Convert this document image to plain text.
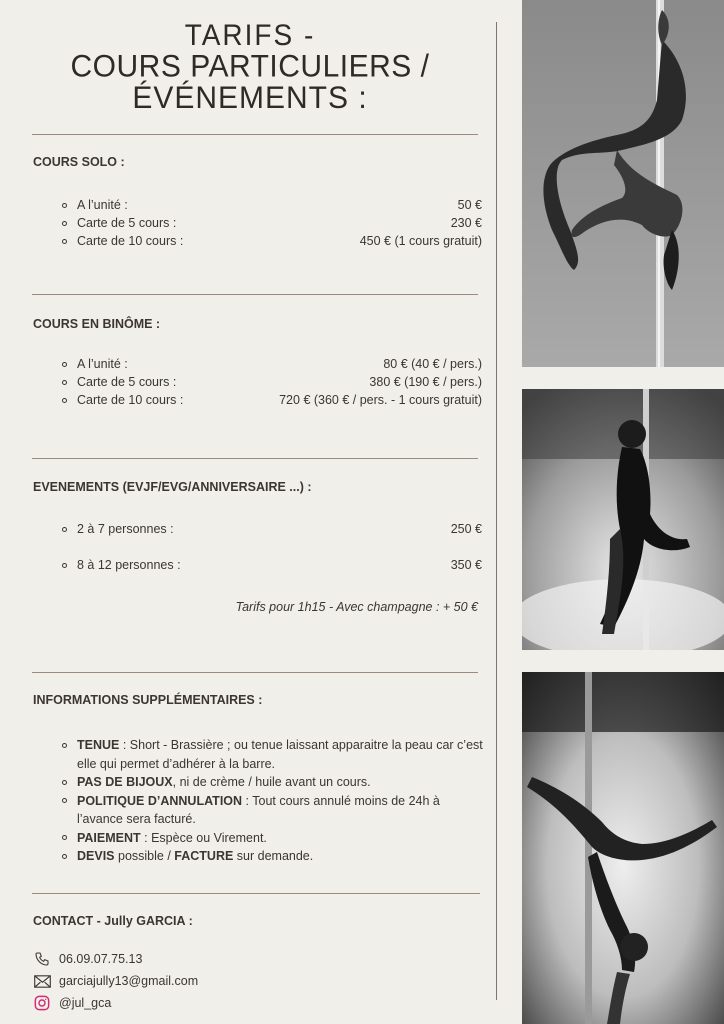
TARIFS -
COURS PARTICULIERS /
ÉVÉNEMENTS :
COURS SOLO :
A l’unité :	50 €
Carte de 5 cours :	230 €
Carte de 10 cours :	450 € (1 cours gratuit)
COURS EN BINÔME :
A l’unité :	80 € (40 € / pers.)
Carte de 5 cours :	380 € (190 € / pers.)
Carte de 10 cours :	720 € (360 € / pers. - 1 cours gratuit)
EVENEMENTS (EVJF/EVG/ANNIVERSAIRE ...) :
2 à 7 personnes :	250 €
8 à 12 personnes :	350 €
Tarifs pour 1h15 - Avec champagne : + 50 €
INFORMATIONS SUPPLÉMENTAIRES :
TENUE : Short - Brassière ; ou tenue laissant apparaitre la peau car c’est elle qui permet d’adhérer à la barre.
PAS DE BIJOUX, ni de crème / huile avant un cours.
POLITIQUE D’ANNULATION : Tout cours annulé moins de 24h à l’avance sera facturé.
PAIEMENT : Espèce ou Virement.
DEVIS possible / FACTURE sur demande.
CONTACT - Jully GARCIA :
06.09.07.75.13
garciajully13@gmail.com
@jul_gca
